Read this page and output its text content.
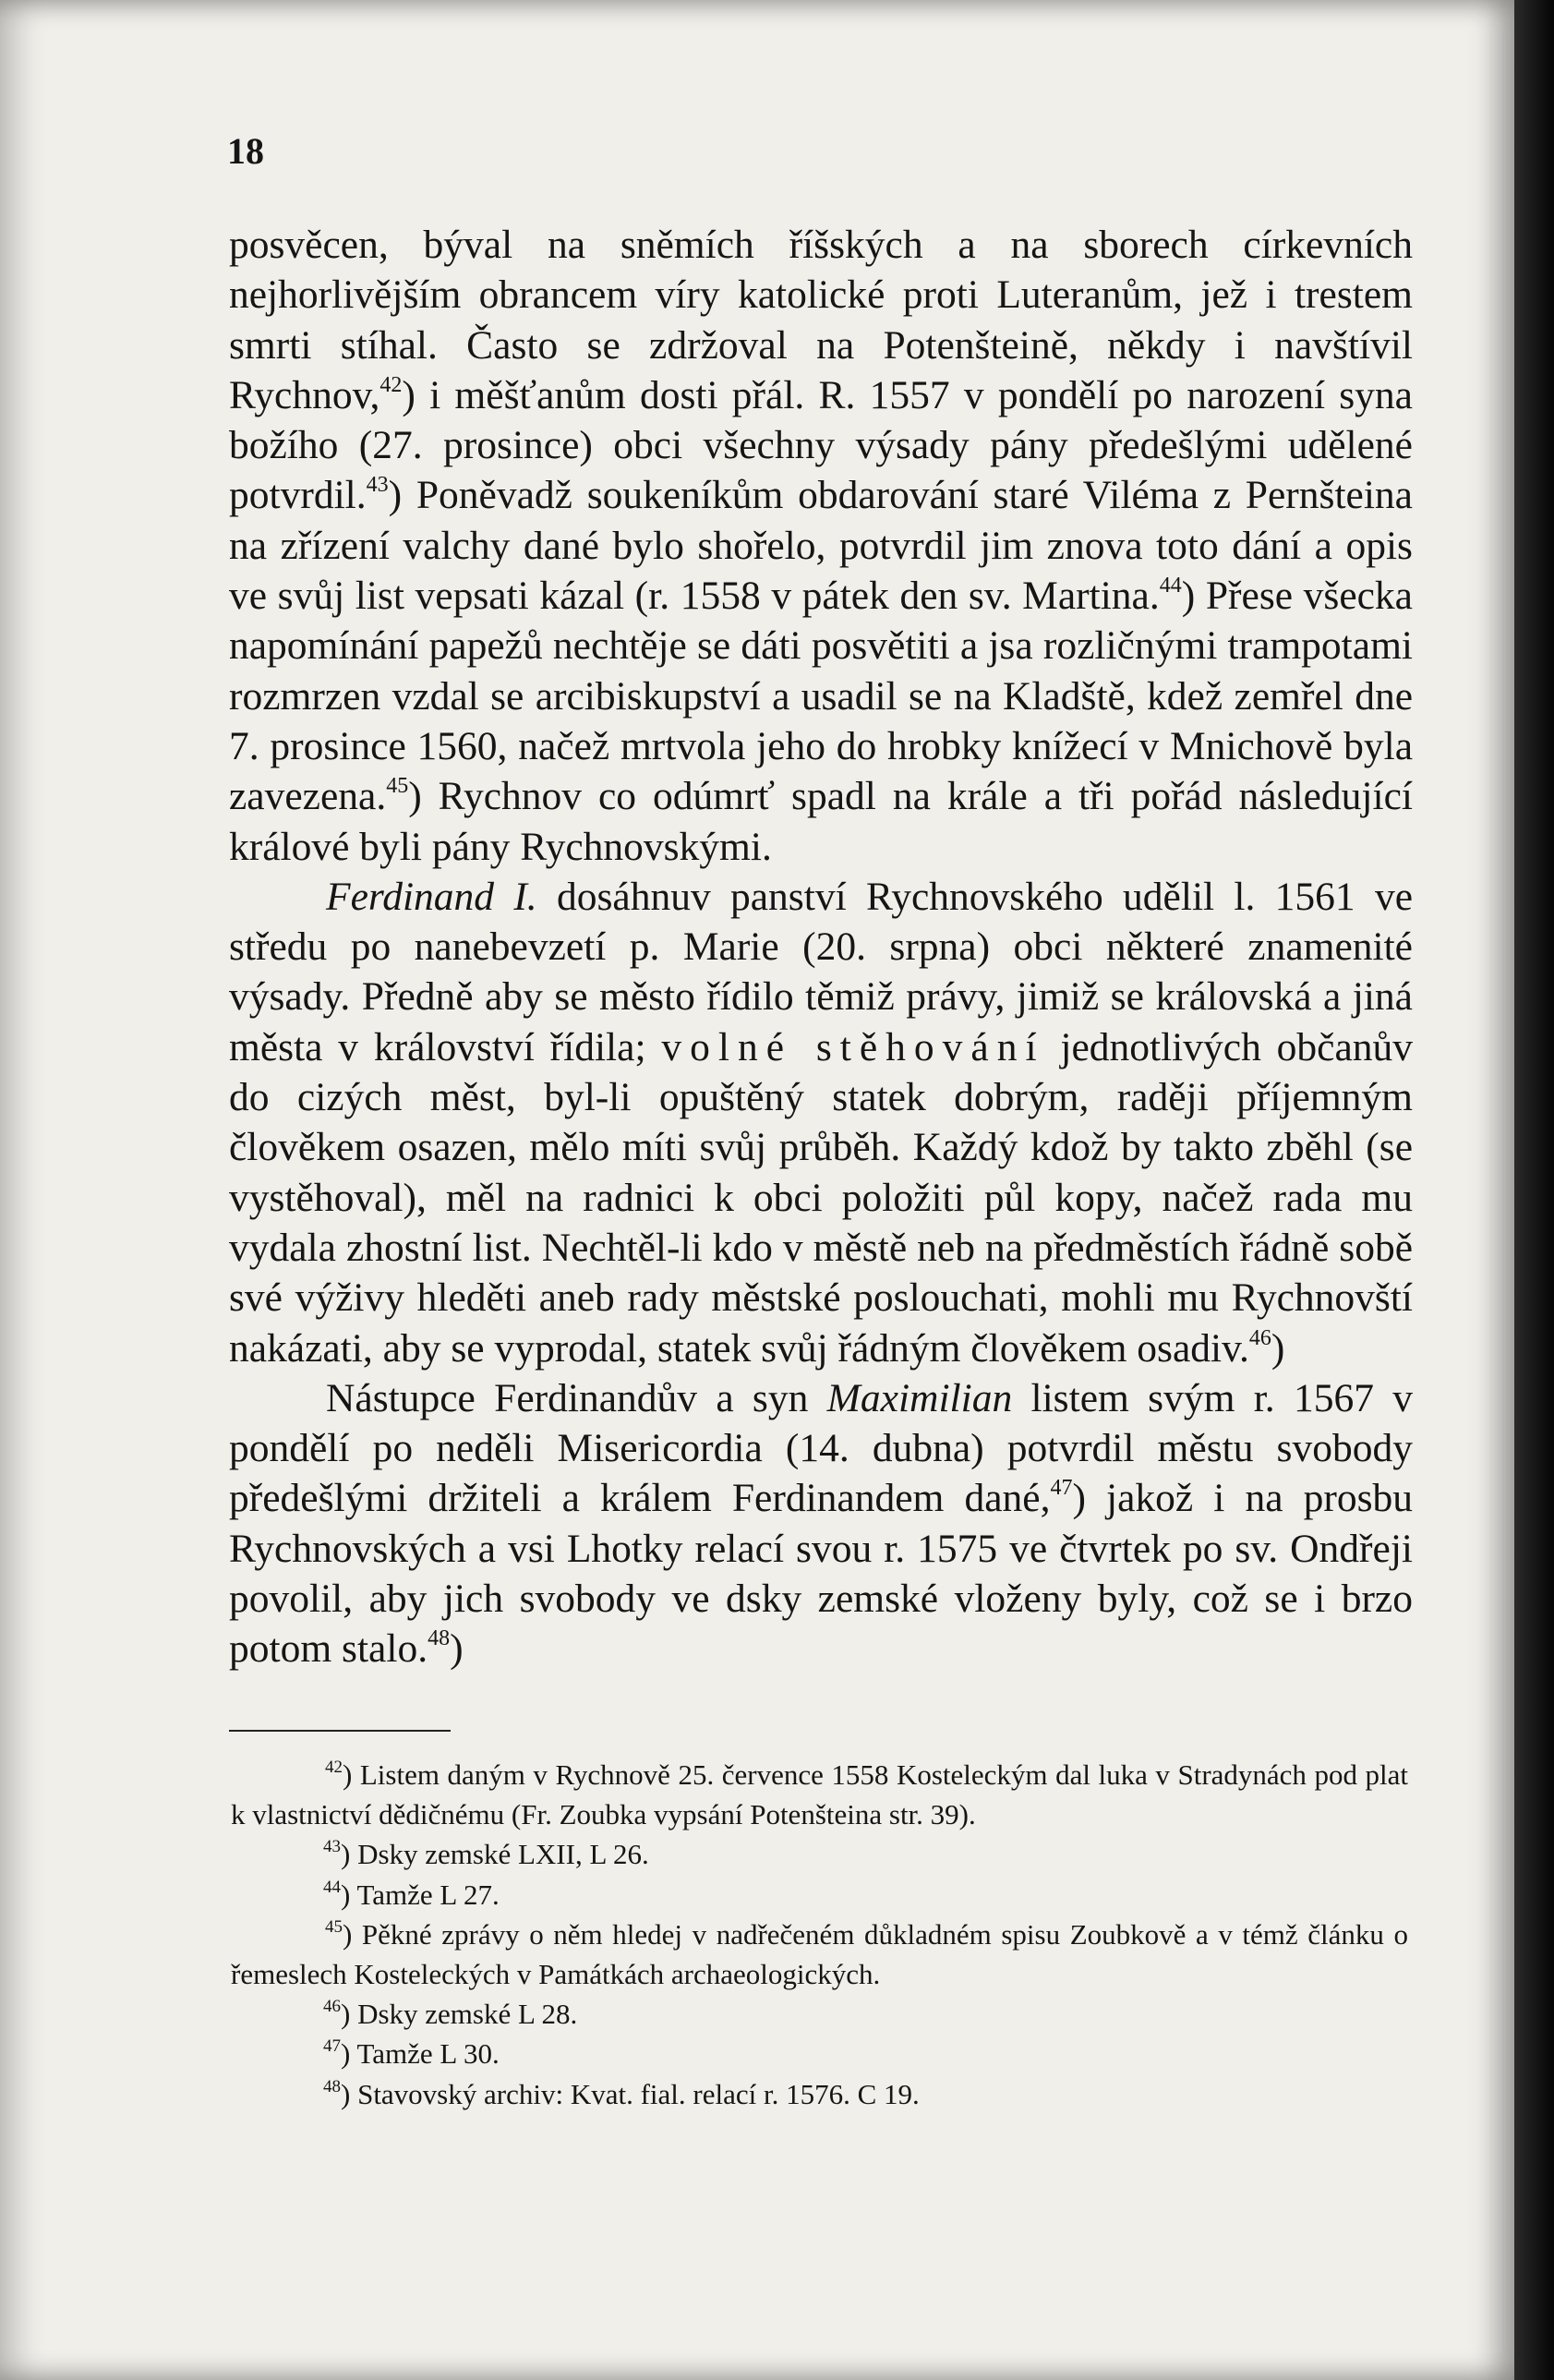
18

posvěcen, býval na sněmích říšských a na sborech církevních nejhorlivějším obrancem víry katolické proti Luteranům, jež i trestem smrti stíhal. Často se zdržoval na Potenšteině, někdy i navštívil Rychnov,$^{42}$) i měšťanům dosti přál. R. 1557 v pondělí po narození syna božího (27. prosince) obci všechny výsady pány předešlými udělené potvrdil.$^{43}$) Poněvadž soukeníkům obdarování staré Viléma z Pernšteina na zřízení valchy dané bylo shořelo, potvrdil jim znova toto dání a opis ve svůj list vepsati kázal (r. 1558 v pátek den sv. Martina.$^{44}$) Přese všecka napomínání papežů nechtěje se dáti posvětiti a jsa rozličnými trampotami rozmrzen vzdal se arcibiskupství a usadil se na Kladště, kdež zemřel dne 7. prosince 1560, načež mrtvola jeho do hrobky knížecí v Mnichově byla zavezena.$^{45}$) Rychnov co odúmrť spadl na krále a tři pořád následující králové byli pány Rychnovskými.

Ferdinand I. dosáhnuv panství Rychnovského udělil l. 1561 ve středu po nanebevzetí p. Marie (20. srpna) obci některé znamenité výsady. Předně aby se město řídilo těmiž právy, jimiž se královská a jiná města v království řídila; volné stěhování jednotlivých občanův do cizých měst, byl-li opuštěný statek dobrým, raději příjemným člověkem osazen, mělo míti svůj průběh. Každý kdož by takto zběhl (se vystěhoval), měl na radnici k obci položiti půl kopy, načež rada mu vydala zhostní list. Nechtěl-li kdo v městě neb na předměstích řádně sobě své výživy hleděti aneb rady městské poslouchati, mohli mu Rychnovští nakázati, aby se vyprodal, statek svůj řádným člověkem osadiv.$^{46}$)

Nástupce Ferdinandův a syn Maximilian listem svým r. 1567 v pondělí po neděli Misericordia (14. dubna) potvrdil městu svobody předešlými držiteli a králem Ferdinandem dané,$^{47}$) jakož i na prosbu Rychnovských a vsi Lhotky relací svou r. 1575 ve čtvrtek po sv. Ondřeji povolil, aby jich svobody ve dsky zemské vloženy byly, což se i brzo potom stalo.$^{48}$)

$^{42}$) Listem daným v Rychnově 25. července 1558 Kosteleckým dal luka v Stradynách pod plat k vlastnictví dědičnému (Fr. Zoubka vypsání Potenšteina str. 39).

$^{43}$) Dsky zemské LXII, L 26.

$^{44}$) Tamže L 27.

$^{45}$) Pěkné zprávy o něm hledej v nadřečeném důkladném spisu Zoubkově a v témž článku o řemeslech Kosteleckých v Památkách archaeologických.

$^{46}$) Dsky zemské L 28.

$^{47}$) Tamže L 30.

$^{48}$) Stavovský archiv: Kvat. fial. relací r. 1576. C 19.
